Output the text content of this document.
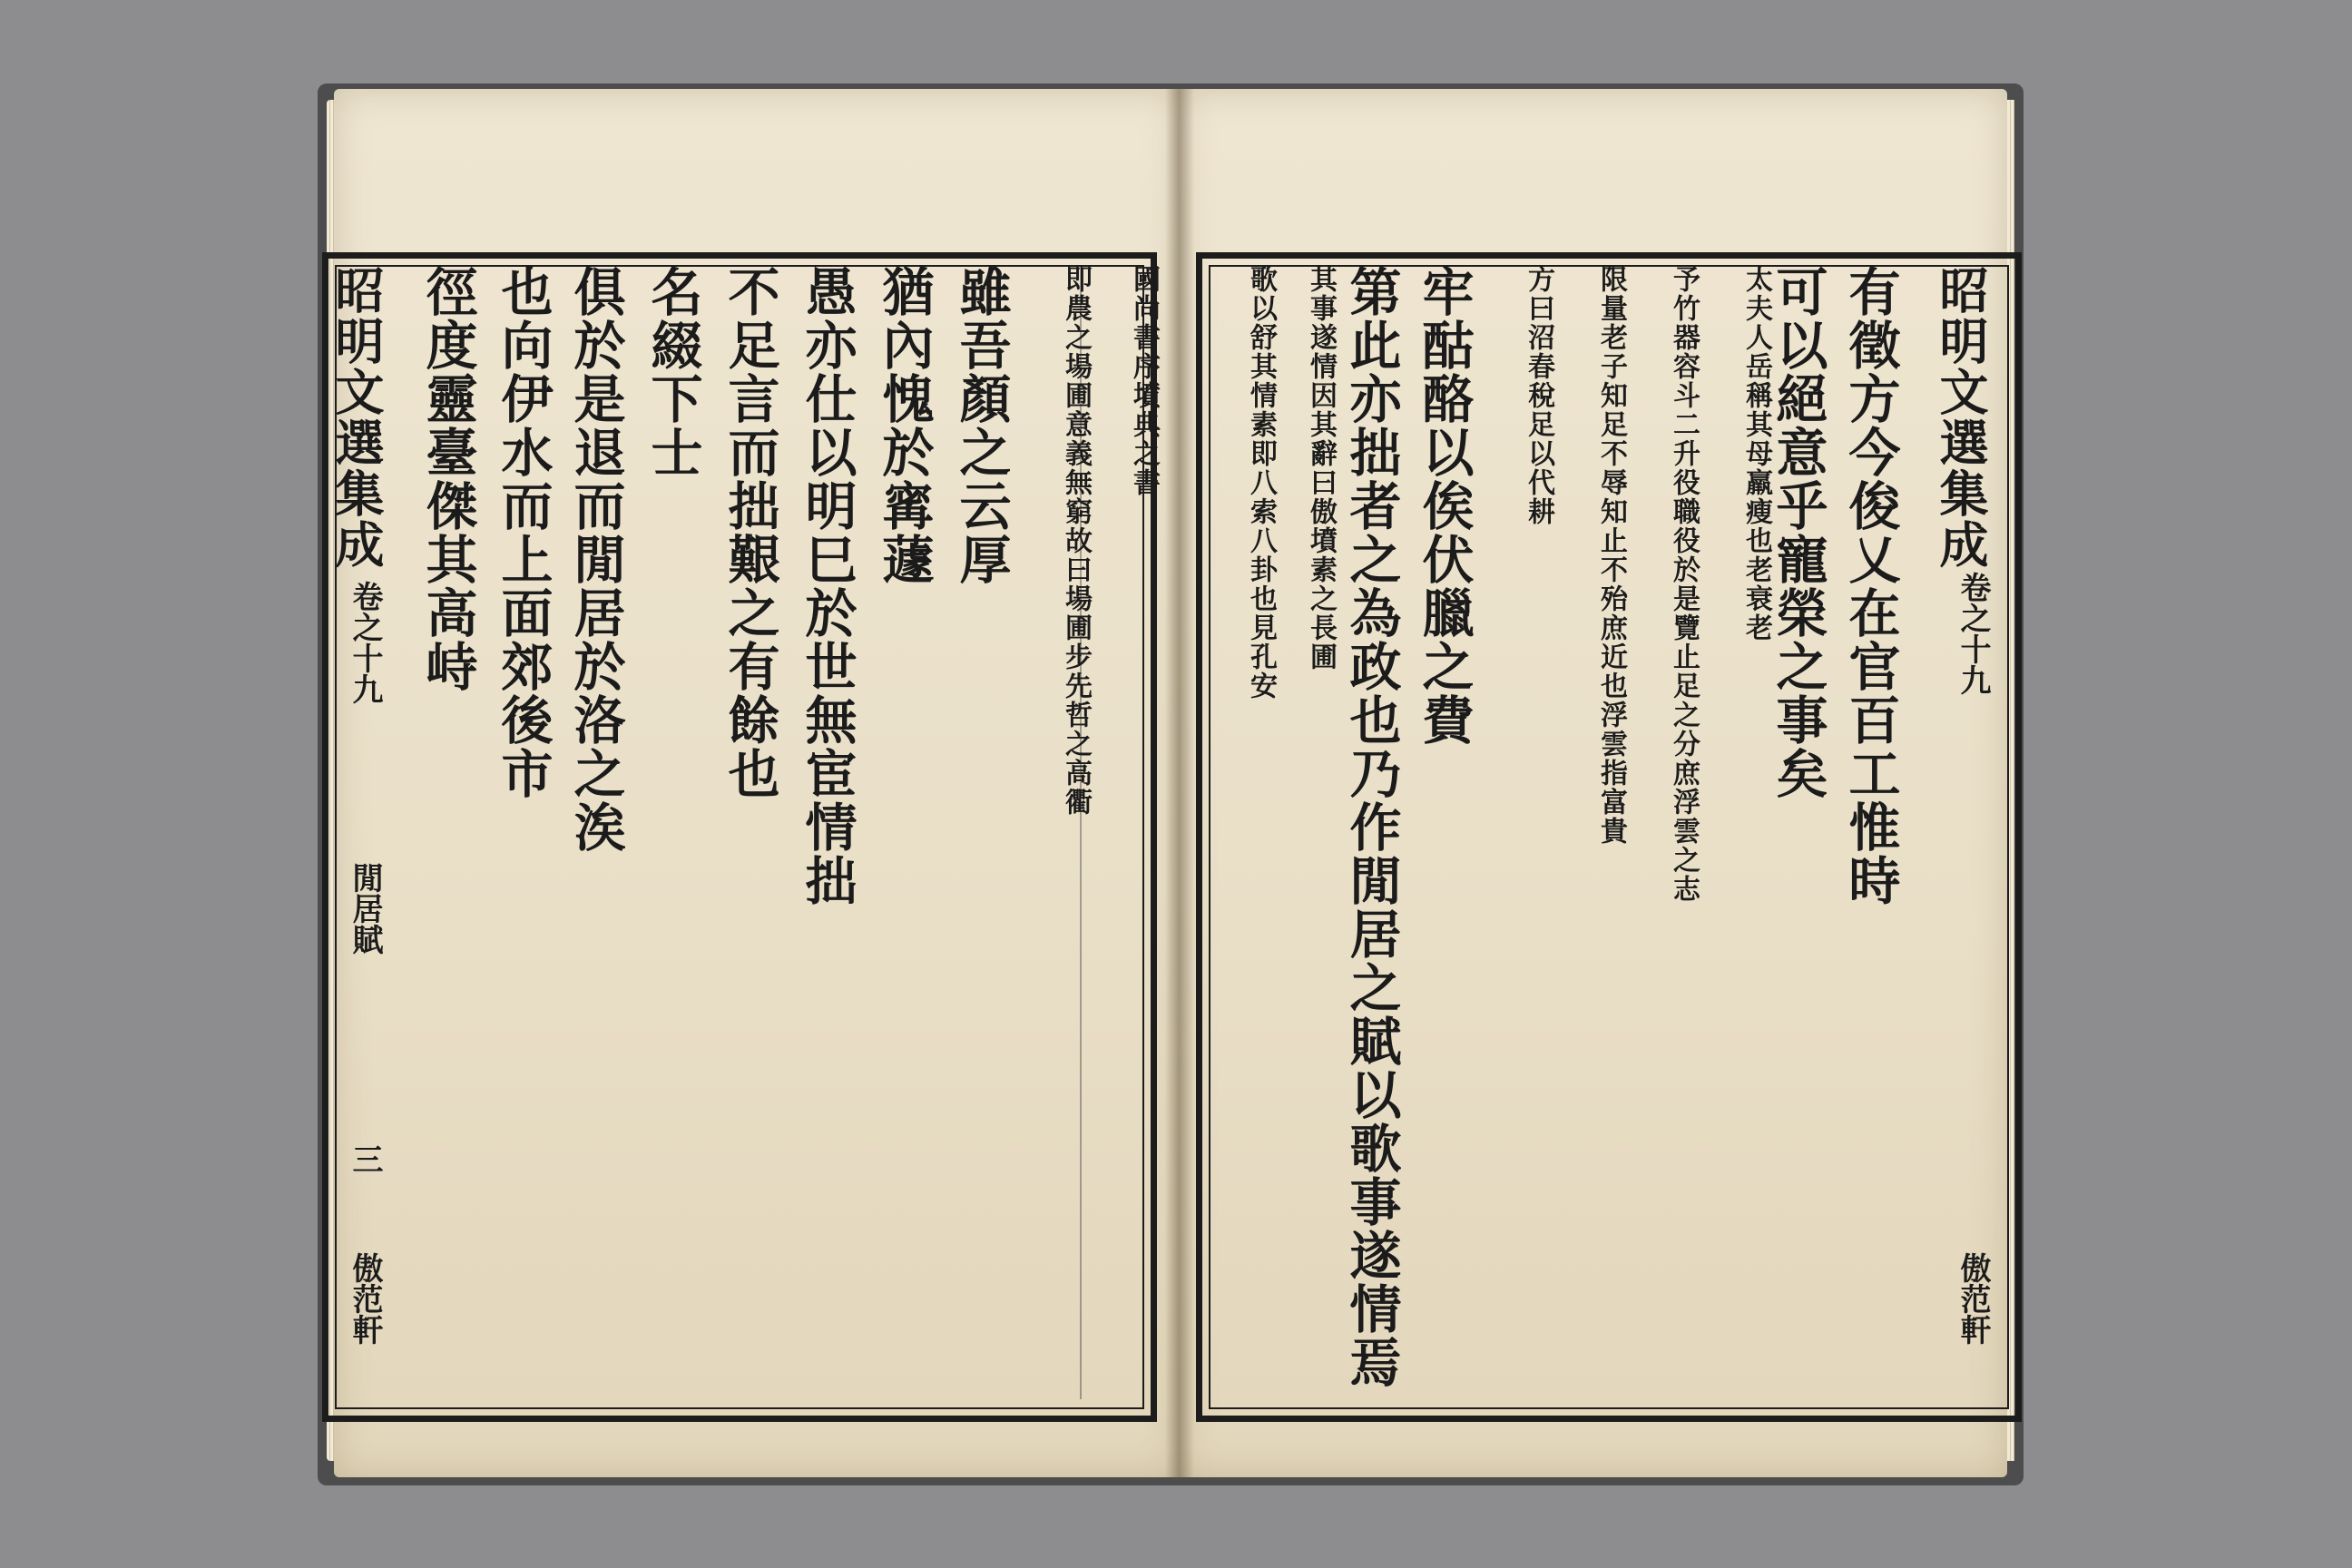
昭明文選集成
卷之十九
傲范軒
有徵方今俊乂在官百工惟時
可以絕意乎寵榮之事矣
太夫人岳稱其母羸瘦也老衰老
予竹器容斗二升役職役於是覽止足之分庶浮雲之志
限量老子知足不辱知止不殆庶近也浮雲指富貴
方曰沼春稅足以代耕
牢酤酪以俟伏臘之費
第此亦拙者之為政也乃作閒居之賦以歌事遂情焉
其事遂情因其辭曰傲墳素之長圃
歌以舒其情素即八索八卦也見孔安
昭明文選集成
卷之十九
閒居賦
三
傲范軒
國尚書序墳典之書
即農之場圃意義無窮故曰場圃步先哲之高衢
雖吾顏之云厚
猶內愧於寗蘧
愚亦仕以明巳於世無宦情拙
不足言而拙艱之有餘也
名綴下士
俱於是退而閒居於洛之涘
也向伊水而上面郊後市
徑度靈臺傑其高峙
